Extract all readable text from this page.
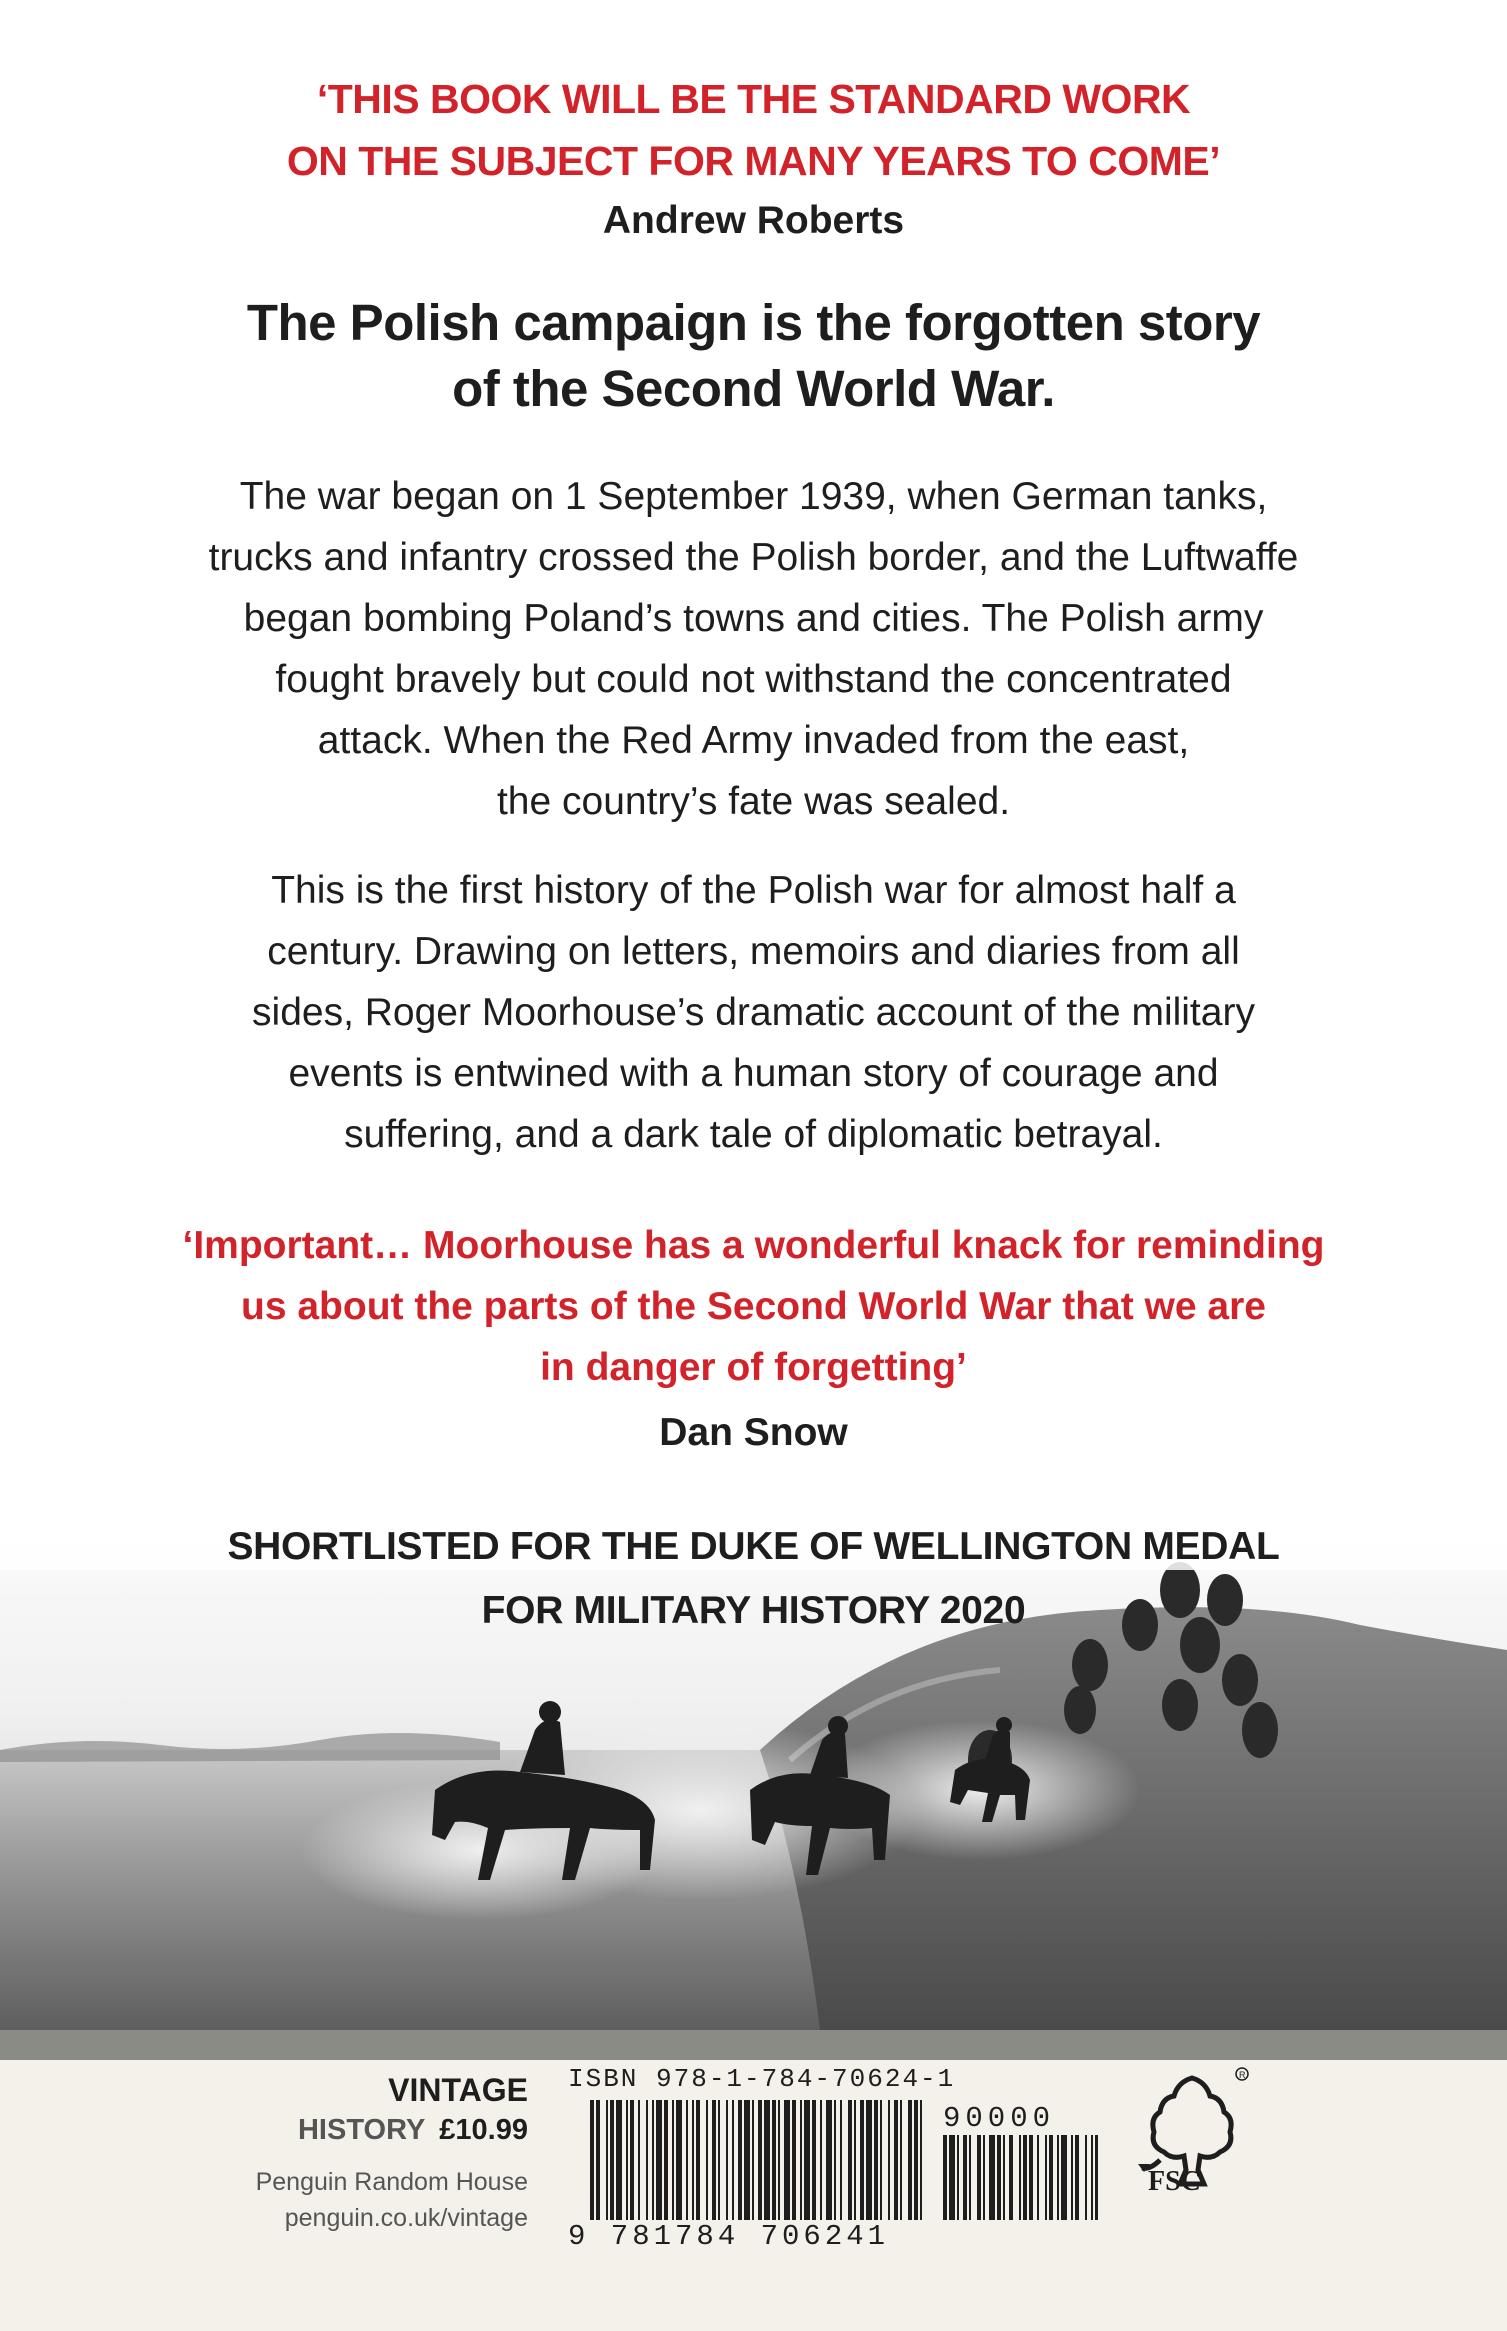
‘THIS BOOK WILL BE THE STANDARD WORK
ON THE SUBJECT FOR MANY YEARS TO COME’
Andrew Roberts
The Polish campaign is the forgotten story
of the Second World War.
The war began on 1 September 1939, when German tanks,
trucks and infantry crossed the Polish border, and the Luftwaffe
began bombing Poland’s towns and cities. The Polish army
fought bravely but could not withstand the concentrated
attack. When the Red Army invaded from the east,
the country’s fate was sealed.
This is the first history of the Polish war for almost half a
century. Drawing on letters, memoirs and diaries from all
sides, Roger Moorhouse’s dramatic account of the military
events is entwined with a human story of courage and
suffering, and a dark tale of diplomatic betrayal.
‘Important… Moorhouse has a wonderful knack for reminding
us about the parts of the Second World War that we are
in danger of forgetting’
Dan Snow
SHORTLISTED FOR THE DUKE OF WELLINGTON MEDAL
FOR MILITARY HISTORY 2020
VINTAGE
HISTORY £10.99
Penguin Random House
penguin.co.uk/vintage
ISBN 978-1-784-70624-1
9 781784 706241
90000
R
FSC
